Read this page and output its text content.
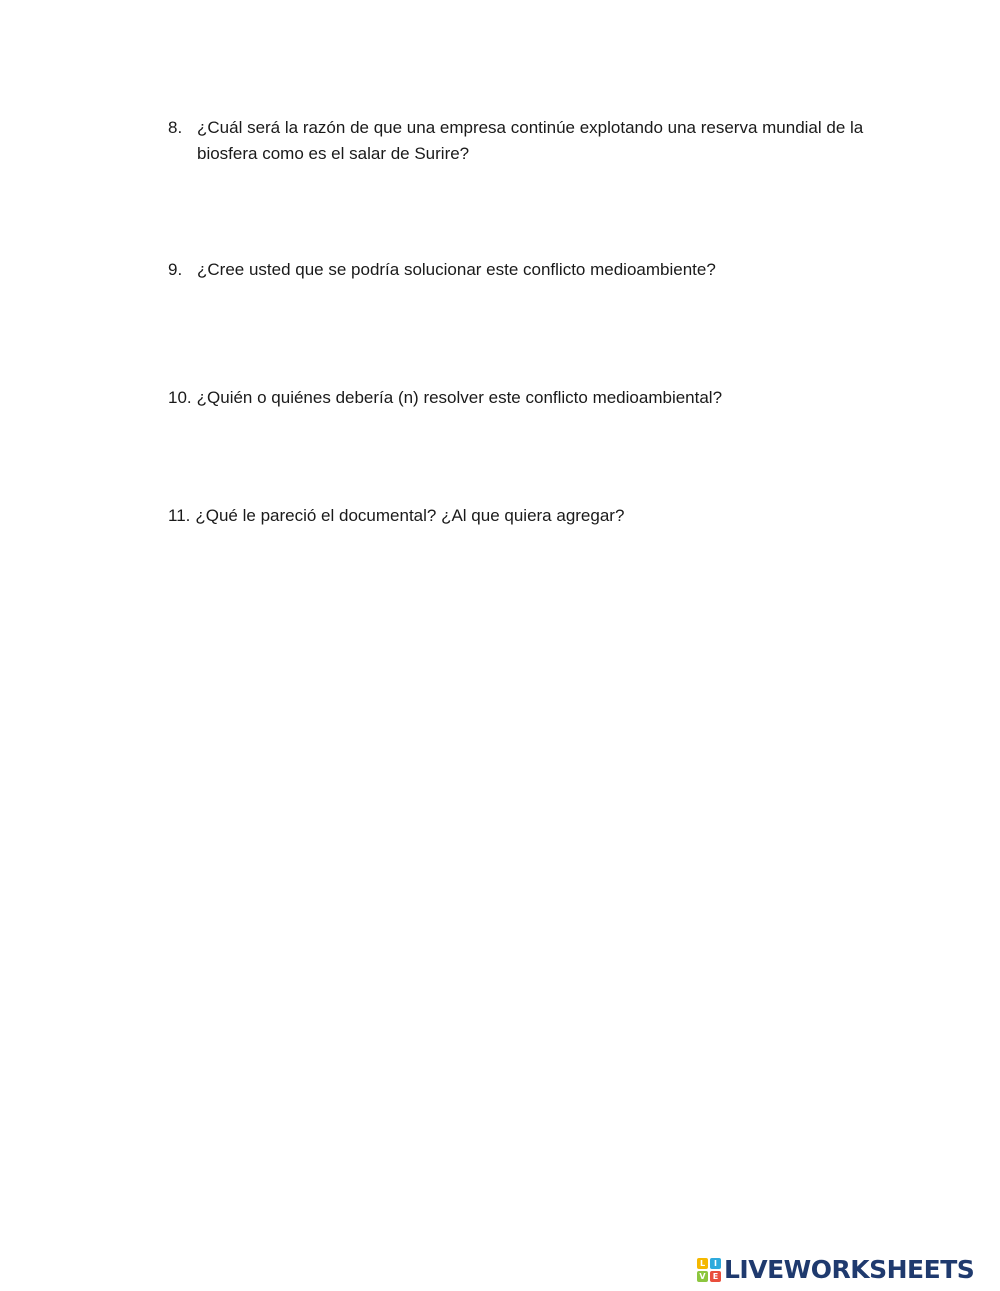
8. ¿Cuál será la razón de que una empresa continúe explotando una reserva mundial de la biosfera como es el salar de Surire?
9. ¿Cree usted que se podría solucionar este conflicto medioambiente?
10. ¿Quién o quiénes debería (n) resolver este conflicto medioambiental?
11. ¿Qué le pareció el documental? ¿Al que quiera agregar?
L	I
V E LIVEWORKSHEETS
